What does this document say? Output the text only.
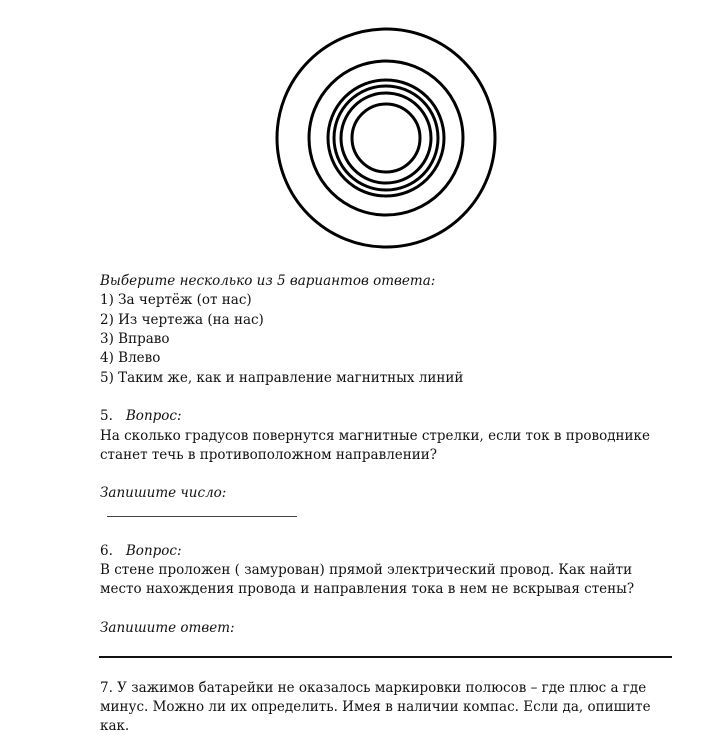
Выберите несколько из 5 вариантов ответа:

1) За чертёж (от нас)

2) Из чертежа (на нас)

3) Вправо

4) Влево

5) Таким же, как и направление магнитных линий

5. Вопрос:

На сколько градусов повернутся магнитные стрелки, если ток в проводнике

станет течь в противоположном направлении?

Запишите число:

6. Вопрос:

В стене проложен ( замурован) прямой электрический провод. Как найти

место нахождения провода и направления тока в нем не вскрывая стены?

Запишите ответ:

7. У зажимов батарейки не оказалось маркировки полюсов – где плюс а где

минус. Можно ли их определить. Имея в наличии компас. Если да, опишите

как.
